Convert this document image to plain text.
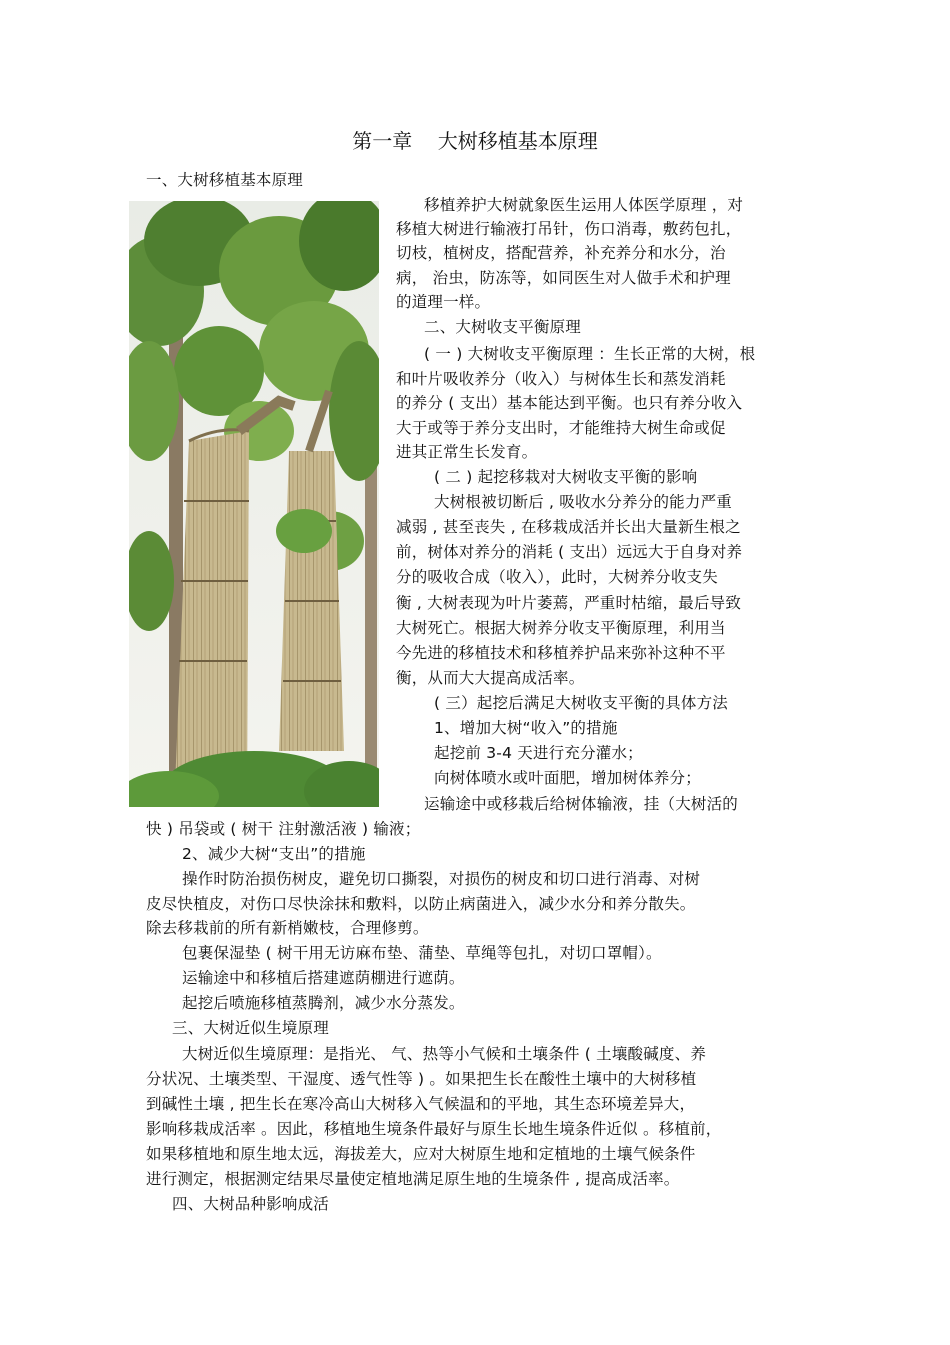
第一章    大树移植基本原理
一、大树移植基本原理
移植养护大树就象医生运用人体医学原理 ，对
移植大树进行输液打吊针，伤口消毒，敷药包扎，
切枝，植树皮，搭配营养，补充养分和水分，治
病， 治虫，防冻等，如同医生对人做手术和护理
的道理一样。
二、大树收支平衡原理
( 一 ) 大树收支平衡原理 ：生长正常的大树，根
和叶片吸收养分（收入）与树体生长和蒸发消耗
的养分 ( 支出）基本能达到平衡。也只有养分收入
大于或等于养分支出时，才能维持大树生命或促
进其正常生长发育。
( 二 ) 起挖移栽对大树收支平衡的影响
大树根被切断后 , 吸收水分养分的能力严重
减弱 , 甚至丧失 , 在移栽成活并长出大量新生根之
前，树体对养分的消耗 ( 支出）远远大于自身对养
分的吸收合成（收入），此时，大树养分收支失
衡 , 大树表现为叶片萎蔫，严重时枯缩，最后导致
大树死亡。根据大树养分收支平衡原理，利用当
今先进的移植技术和移植养护品来弥补这种不平
衡，从而大大提高成活率。
( 三）起挖后满足大树收支平衡的具体方法
1、增加大树“收入”的措施
起挖前 3-4 天进行充分灌水；
向树体喷水或叶面肥，增加树体养分；
运输途中或移栽后给树体输液，挂（大树活的
快 ) 吊袋或 ( 树干 注射激活液 ) 输液；
2、减少大树“支出”的措施
操作时防治损伤树皮，避免切口撕裂，对损伤的树皮和切口进行消毒、对树
皮尽快植皮，对伤口尽快涂抹和敷料，以防止病菌进入，减少水分和养分散失。
除去移栽前的所有新梢嫩枝，合理修剪。
包裹保湿垫 ( 树干用无访麻布垫、蒲垫、草绳等包扎，对切口罩帽）。
运输途中和移植后搭建遮荫棚进行遮荫。
起挖后喷施移植蒸腾剂，减少水分蒸发。
三、大树近似生境原理
大树近似生境原理：是指光、 气、热等小气候和土壤条件 ( 土壤酸碱度、养
分状况、土壤类型、干湿度、透气性等 ) 。如果把生长在酸性土壤中的大树移植
到碱性土壤 , 把生长在寒冷高山大树移入气候温和的平地，其生态环境差异大，
影响移栽成活率 。因此，移植地生境条件最好与原生长地生境条件近似 。移植前，
如果移植地和原生地太远，海拔差大，应对大树原生地和定植地的土壤气候条件
进行测定，根据测定结果尽量使定植地满足原生地的生境条件 , 提高成活率。
四、大树品种影响成活
